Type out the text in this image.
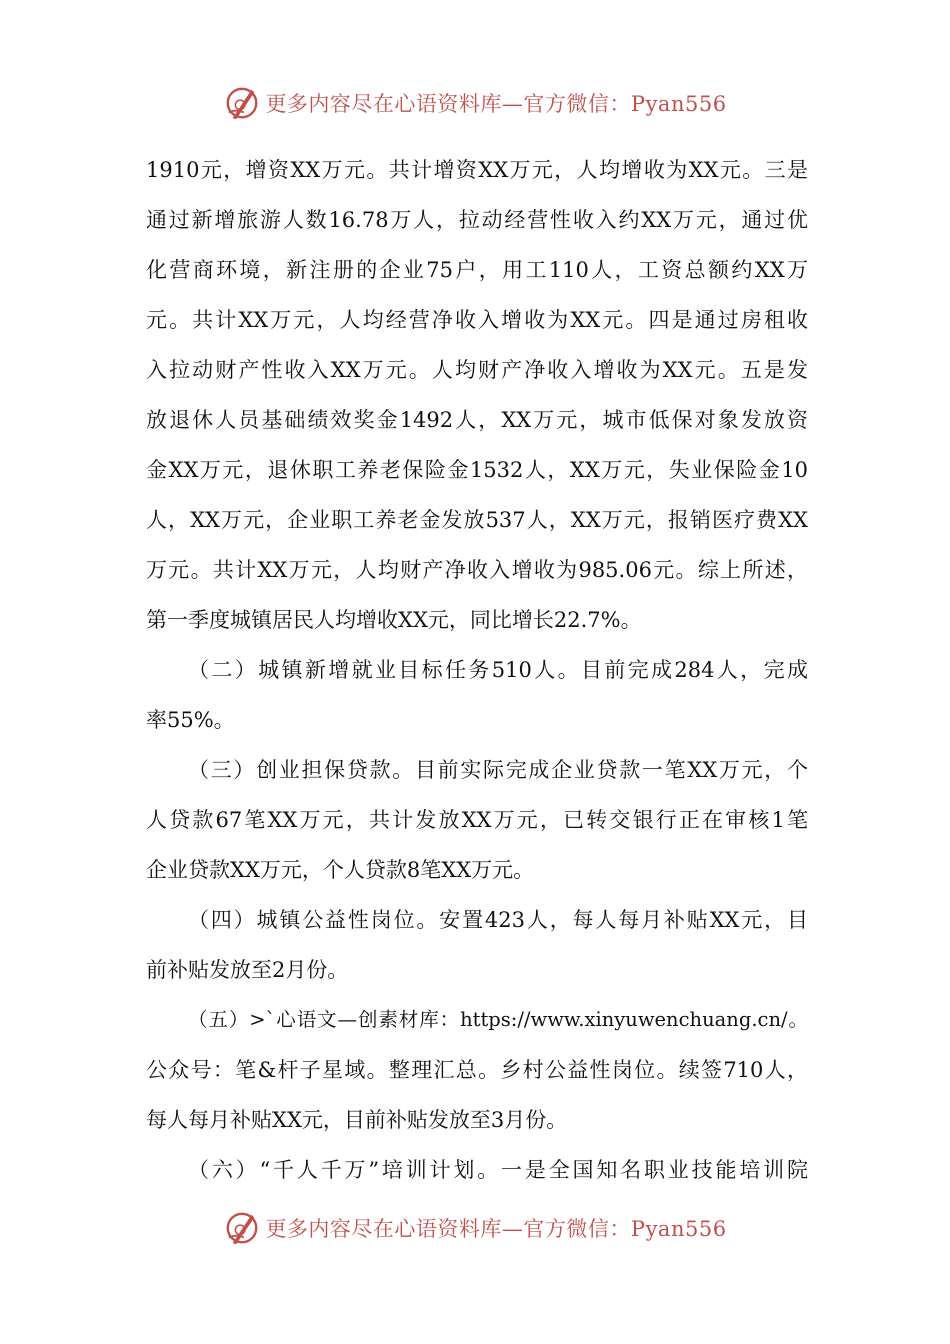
更多内容尽在心语资料库—官方微信：Pyan556
1910元，增资XX万元。共计增资XX万元，人均增收为XX元。三是
通过新增旅游人数16.78万人，拉动经营性收入约XX万元，通过优
化营商环境，新注册的企业75户，用工110人，工资总额约XX万
元。共计XX万元，人均经营净收入增收为XX元。四是通过房租收
入拉动财产性收入XX万元。人均财产净收入增收为XX元。五是发
放退休人员基础绩效奖金1492人，XX万元，城市低保对象发放资
金XX万元，退休职工养老保险金1532人，XX万元，失业保险金10
人，XX万元，企业职工养老金发放537人，XX万元，报销医疗费XX
万元。共计XX万元，人均财产净收入增收为985.06元。综上所述，
第一季度城镇居民人均增收XX元，同比增长22.7%。
（二）城镇新增就业目标任务510人。目前完成284人，完成
率55%。
（三）创业担保贷款。目前实际完成企业贷款一笔XX万元，个
人贷款67笔XX万元，共计发放XX万元，已转交银行正在审核1笔
企业贷款XX万元，个人贷款8笔XX万元。
（四）城镇公益性岗位。安置423人，每人每月补贴XX元，目
前补贴发放至2月份。
（五）>`心语文—创素材库：https://www.xinyuwenchuang.cn/。
公众号：笔&杆子星域。整理汇总。乡村公益性岗位。续签710人，
每人每月补贴XX元，目前补贴发放至3月份。
（六）“千人千万”培训计划。一是全国知名职业技能培训院
更多内容尽在心语资料库—官方微信：Pyan556
